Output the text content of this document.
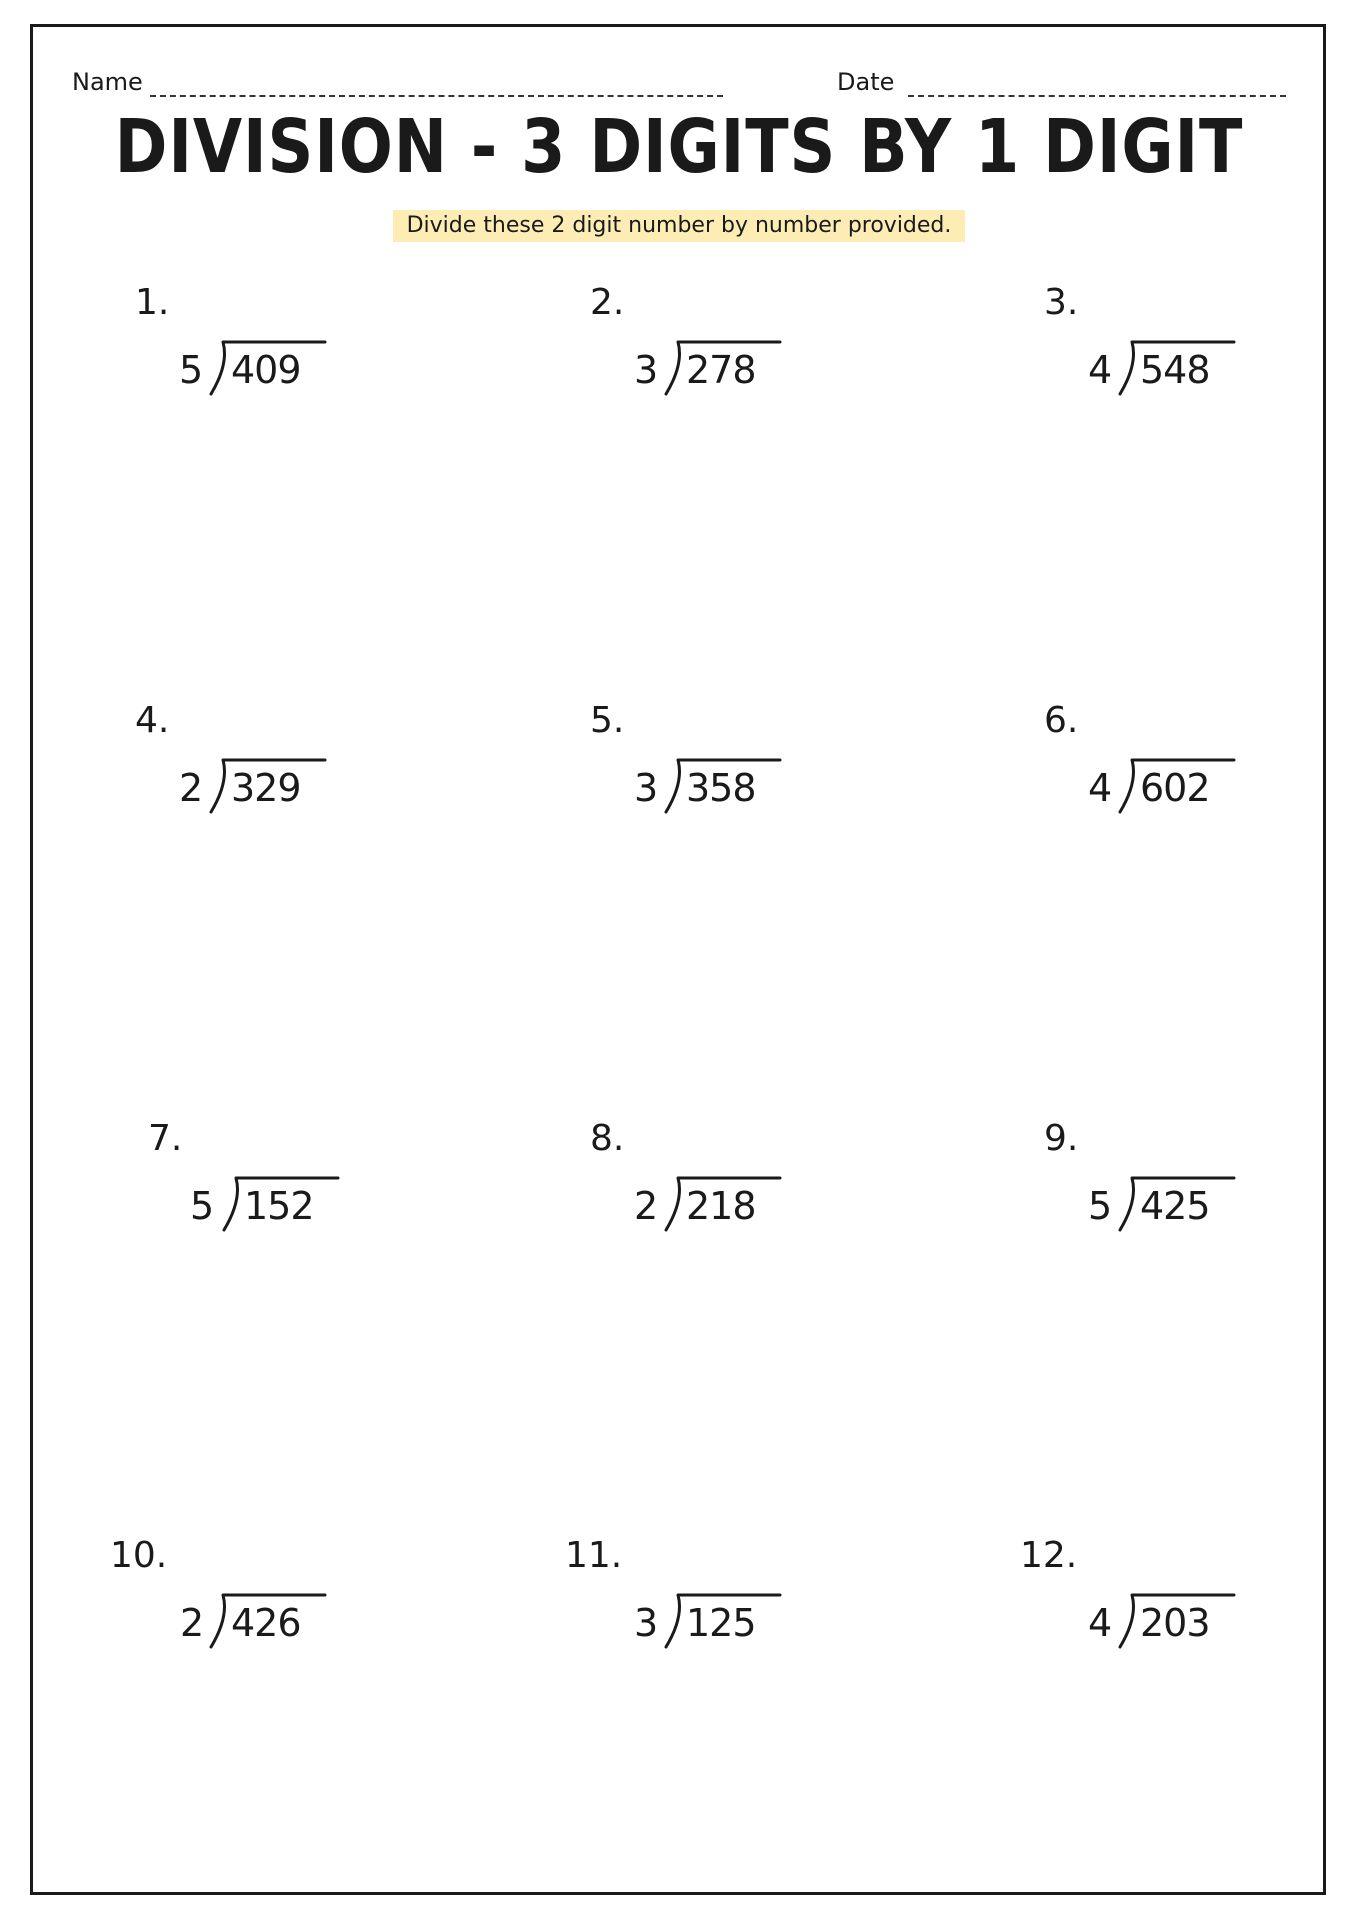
Name	Date
DIVISION - 3 DIGITS BY 1 DIGIT
Divide these 2 digit number by number provided.
1.
5 409
2.
3 278
3.
4 548
4.
2 329
5.
3 358
6.
4 602
7.
5 152
8.
2 218
9.
5 425
10.
2 426
11.
3 125
12.
4 203
